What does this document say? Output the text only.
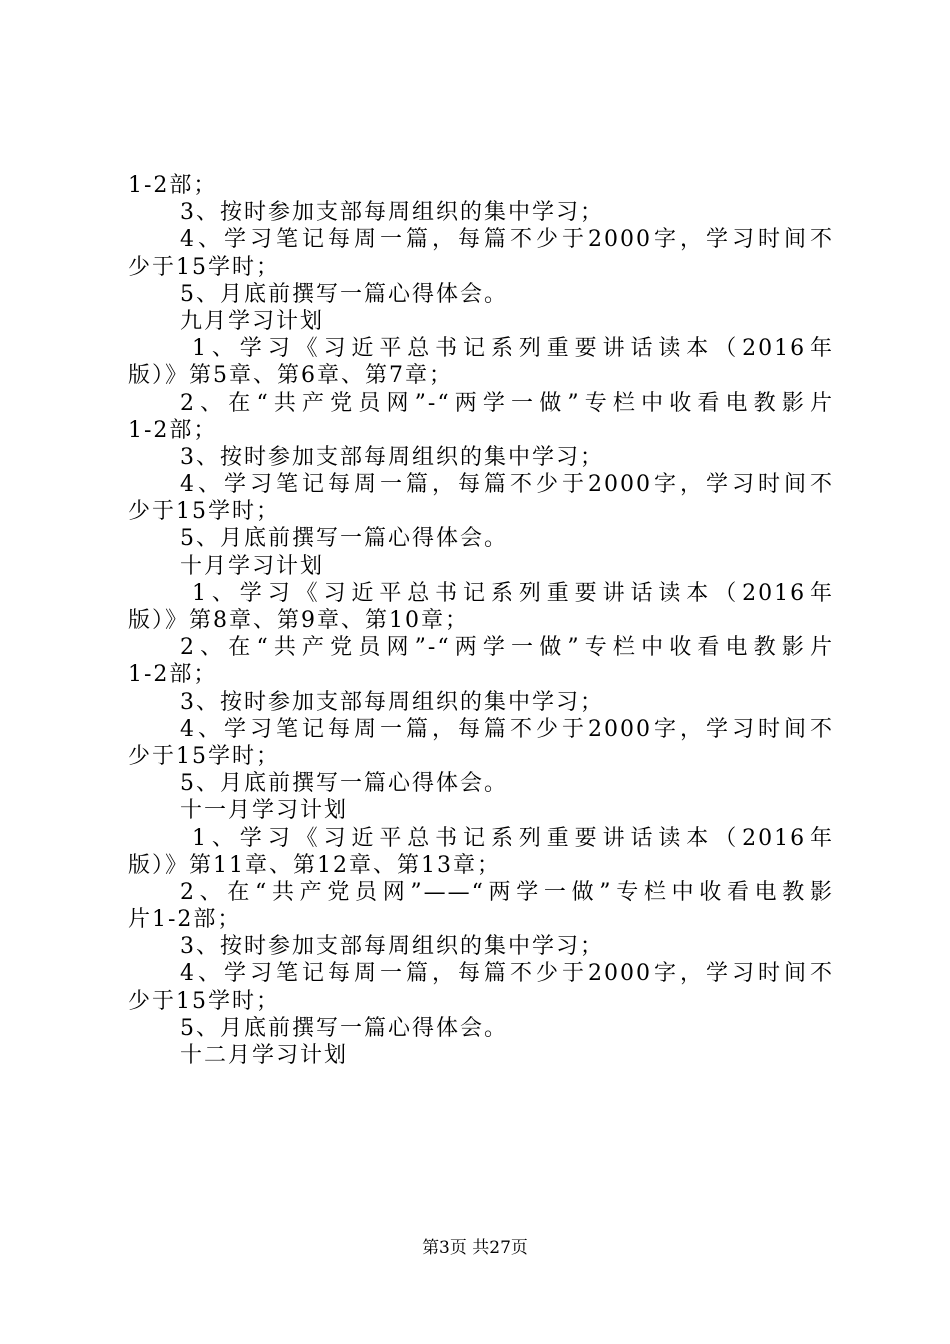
1-2部；
3、按时参加支部每周组织的集中学习；
4、学习笔记每周一篇，每篇不少于2000字，学习时间不
少于15学时；
5、月底前撰写一篇心得体会。
九月学习计划
1、学习《习近平总书记系列重要讲话读本（2016年
版）》第5章、第6章、第7章；
2、在“共产党员网”-“两学一做”专栏中收看电教影片
1-2部；
3、按时参加支部每周组织的集中学习；
4、学习笔记每周一篇，每篇不少于2000字，学习时间不
少于15学时；
5、月底前撰写一篇心得体会。
十月学习计划
1、学习《习近平总书记系列重要讲话读本（2016年
版）》第8章、第9章、第10章；
2、在“共产党员网”-“两学一做”专栏中收看电教影片
1-2部；
3、按时参加支部每周组织的集中学习；
4、学习笔记每周一篇，每篇不少于2000字，学习时间不
少于15学时；
5、月底前撰写一篇心得体会。
十一月学习计划
1、学习《习近平总书记系列重要讲话读本（2016年
版）》第11章、第12章、第13章；
2、在“共产党员网”——“两学一做”专栏中收看电教影
片1-2部；
3、按时参加支部每周组织的集中学习；
4、学习笔记每周一篇，每篇不少于2000字，学习时间不
少于15学时；
5、月底前撰写一篇心得体会。
十二月学习计划
第3页 共27页
